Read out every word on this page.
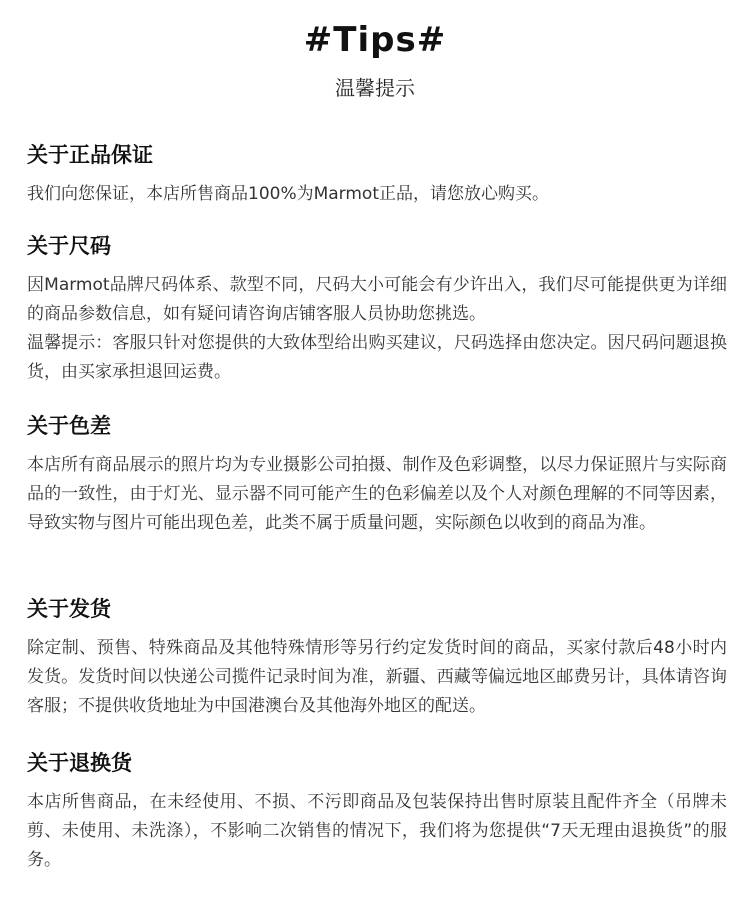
#Tips#
温馨提示
关于正品保证

我们向您保证，本店所售商品100%为Marmot正品，请您放心购买。

关于尺码

因Marmot品牌尺码体系、款型不同，尺码大小可能会有少许出入，我们尽可能提供更为详细的商品参数信息，如有疑问请咨询店铺客服人员协助您挑选。

温馨提示：客服只针对您提供的大致体型给出购买建议，尺码选择由您决定。因尺码问题退换货，由买家承担退回运费。

关于色差

本店所有商品展示的照片均为专业摄影公司拍摄、制作及色彩调整，以尽力保证照片与实际商品的一致性，由于灯光、显示器不同可能产生的色彩偏差以及个人对颜色理解的不同等因素，导致实物与图片可能出现色差，此类不属于质量问题，实际颜色以收到的商品为准。

关于发货

除定制、预售、特殊商品及其他特殊情形等另行约定发货时间的商品，买家付款后48小时内发货。发货时间以快递公司揽件记录时间为准，新疆、西藏等偏远地区邮费另计，具体请咨询客服；不提供收货地址为中国港澳台及其他海外地区的配送。

关于退换货

本店所售商品，在未经使用、不损、不污即商品及包装保持出售时原装且配件齐全（吊牌未剪、未使用、未洗涤），不影响二次销售的情况下，我们将为您提供“7天无理由退换货”的服务。
